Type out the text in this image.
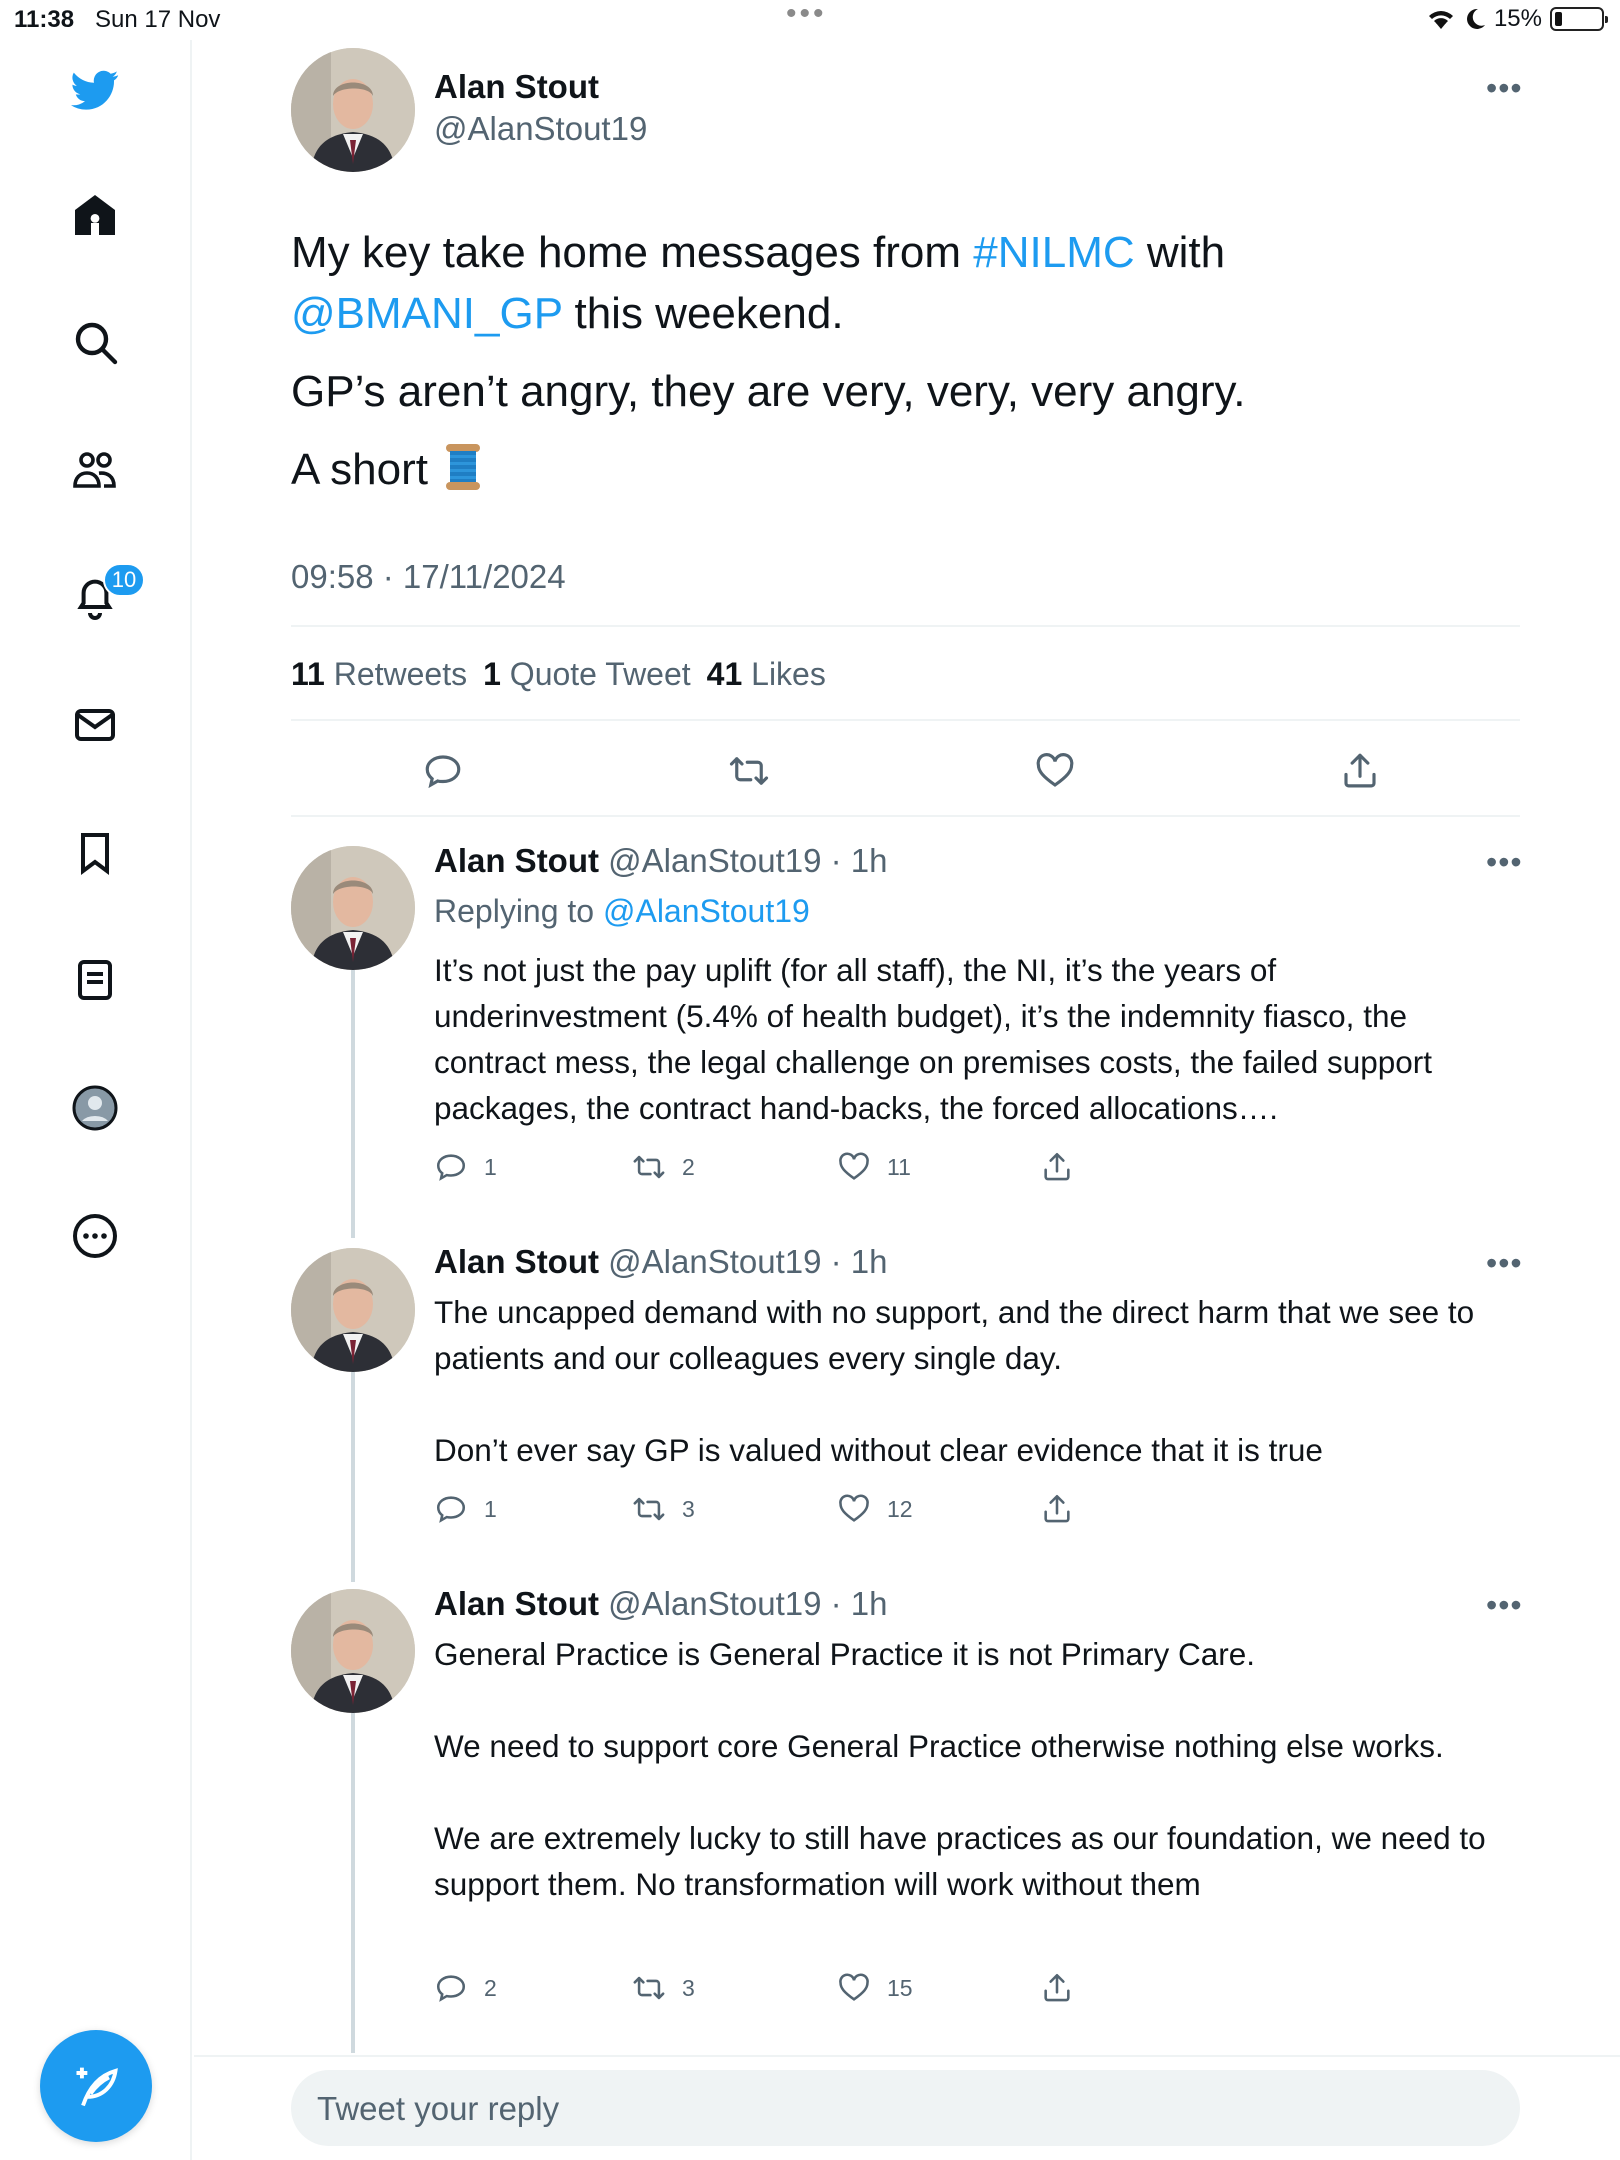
11:38 Sun 17 Nov	•••	15%
10
Alan Stout
@AlanStout19
•••

My key take home messages from #NILMC with
@BMANI_GP this weekend.

GP’s aren’t angry, they are very, very, very angry.

A short

09:58 · 17/11/2024
11 Retweets 1 Quote Tweet 41 Likes
Alan Stout @AlanStout19 · 1h	•••
Replying to @AlanStout19

It’s not just the pay uplift (for all staff), the NI, it’s the years of underinvestment (5.4% of health budget), it’s the indemnity fiasco, the contract mess, the legal challenge on premises costs, the failed support packages, the contract hand-backs, the forced allocations….

1	2	11
Alan Stout @AlanStout19 · 1h	•••

The uncapped demand with no support, and the direct harm that we see to patients and our colleagues every single day.

Don’t ever say GP is valued without clear evidence that it is true

1	3	12
Alan Stout @AlanStout19 · 1h	•••

General Practice is General Practice it is not Primary Care.

We need to support core General Practice otherwise nothing else works.

We are extremely lucky to still have practices as our foundation, we need to support them. No transformation will work without them

2	3	15
Tweet your reply
